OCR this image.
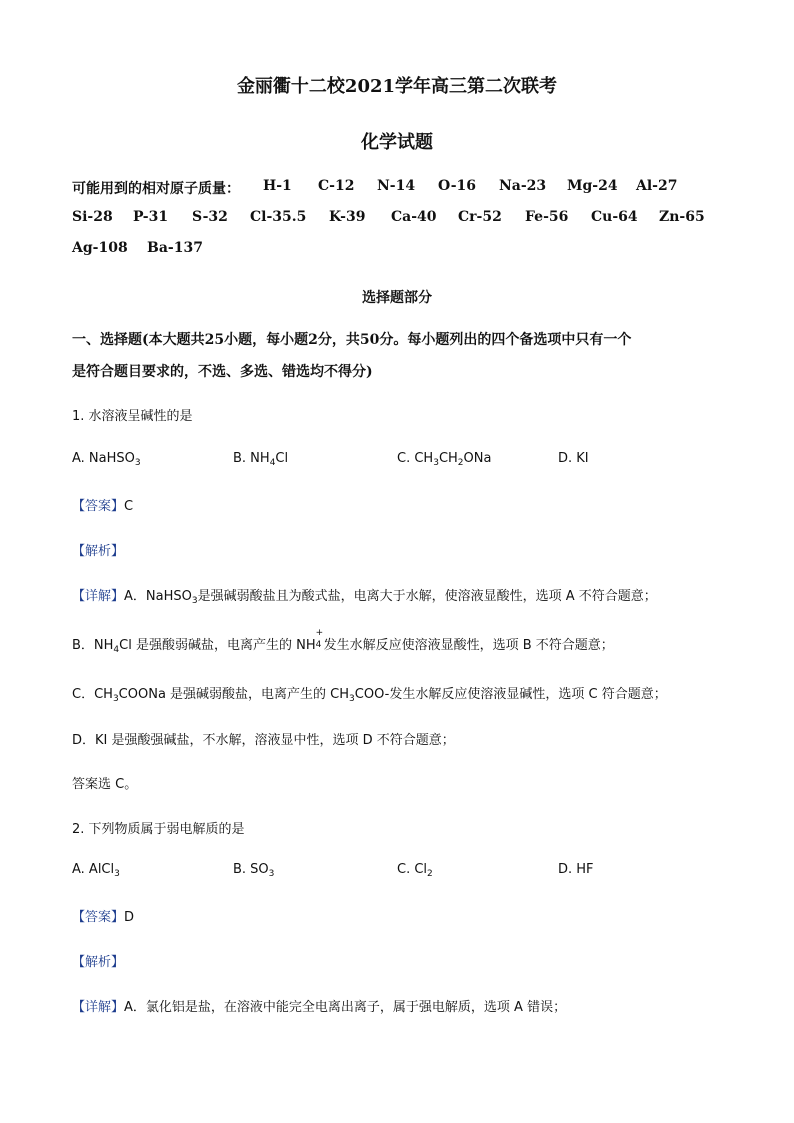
金丽衢十二校2021学年高三第二次联考
化学试题
可能用到的相对原子质量： H-1 C-12 N-14 O-16 Na-23 Mg-24 Al-27
Si-28 P-31 S-32 Cl-35.5 K-39 Ca-40 Cr-52 Fe-56 Cu-64 Zn-65
Ag-108 Ba-137
选择题部分
一、选择题(本大题共25小题，每小题2分，共50分。每小题列出的四个备选项中只有一个
是符合题目要求的，不选、多选、错选均不得分)
1. 水溶液呈碱性的是
A. NaHSO$_3$	B. $NH_4Cl$	C. $CH_3CH_2ONa$	D. KI
【答案】C
【解析】
【详解】A．NaHSO$_3$是强碱弱酸盐且为酸式盐，电离大于水解，使溶液显酸性，选项 A 不符合题意；
B．$NH_4Cl$ 是强酸弱碱盐，电离产生的 NH
+
4 发生水解反应使溶液显酸性，选项 B 不符合题意；
C．$CH_3COONa$ 是强碱弱酸盐，电离产生的 $CH_3COO-$发生水解反应使溶液显碱性，选项 C 符合题意；
D．KI 是强酸强碱盐，不水解，溶液显中性，选项 D 不符合题意；
答案选 C。
2. 下列物质属于弱电解质的是
A. AlCl$_3$	B. $SO_3$	C. $Cl_2$	D. HF
【答案】D
【解析】
【详解】A．氯化铝是盐，在溶液中能完全电离出离子，属于强电解质，选项 A 错误；
